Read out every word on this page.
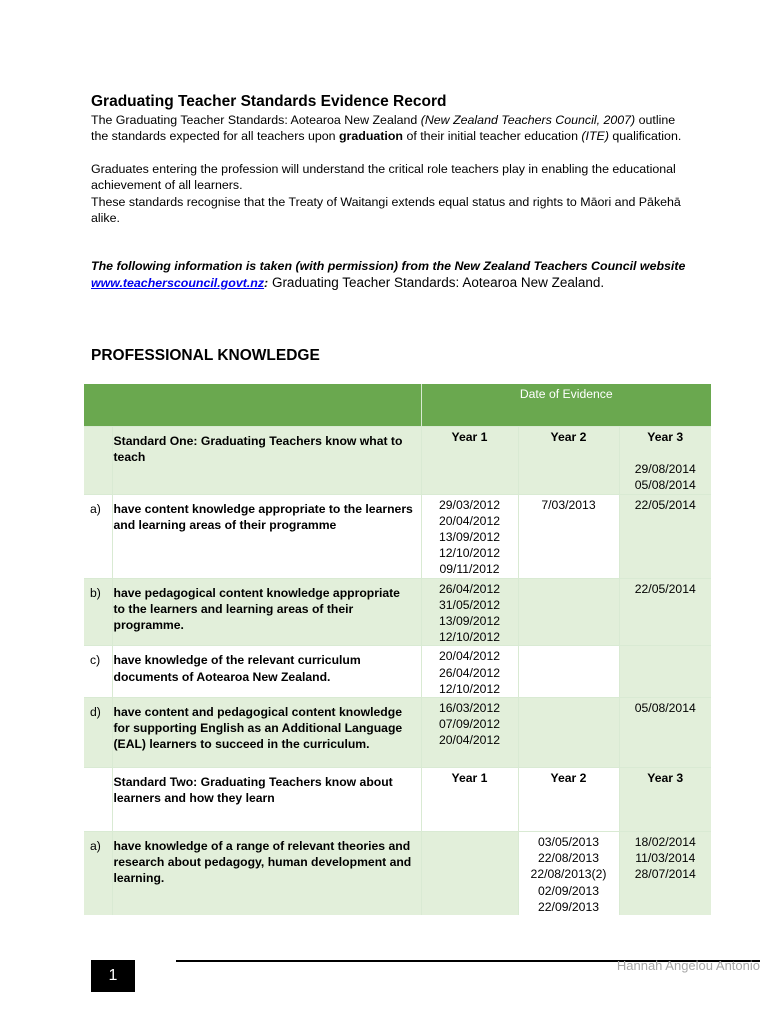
Graduating Teacher Standards Evidence Record

The Graduating Teacher Standards: Aotearoa New Zealand (New Zealand Teachers Council, 2007) outline the standards expected for all teachers upon graduation of their initial teacher education (ITE) qualification.

Graduates entering the profession will understand the critical role teachers play in enabling the educational achievement of all learners.

These standards recognise that the Treaty of Waitangi extends equal status and rights to Māori and Pākehā alike.

The following information is taken (with permission) from the New Zealand Teachers Council website www.teacherscouncil.govt.nz: Graduating Teacher Standards: Aotearoa New Zealand.

PROFESSIONAL KNOWLEDGE
		Date of Evidence		
	Standard One: Graduating Teachers know what to teach	Year 1	Year 2	Year 3
29/08/2014
05/08/2014

a)	have content knowledge appropriate to the learners and learning areas of their programme	29/03/2012
20/04/2012
13/09/2012
12/10/2012
09/11/2012	7/03/2013	22/05/2014
b)	have pedagogical content knowledge appropriate to the learners and learning areas of their programme.	26/04/2012
31/05/2012
13/09/2012
12/10/2012		22/05/2014
c)	have knowledge of the relevant curriculum documents of Aotearoa New Zealand.	20/04/2012
26/04/2012
12/10/2012		
d)	have content and pedagogical content knowledge for supporting English as an Additional Language (EAL) learners to succeed in the curriculum.	16/03/2012
07/09/2012
20/04/2012		05/08/2014
	Standard Two: Graduating Teachers know about learners and how they learn	Year 1	Year 2	Year 3
a)	have knowledge of a range of relevant theories and research about pedagogy, human development and learning.		03/05/2013
22/08/2013
22/08/2013(2)
02/09/2013
22/09/2013	18/02/2014
11/03/2014
28/07/2014
1
Hannah Angelou Antonio
